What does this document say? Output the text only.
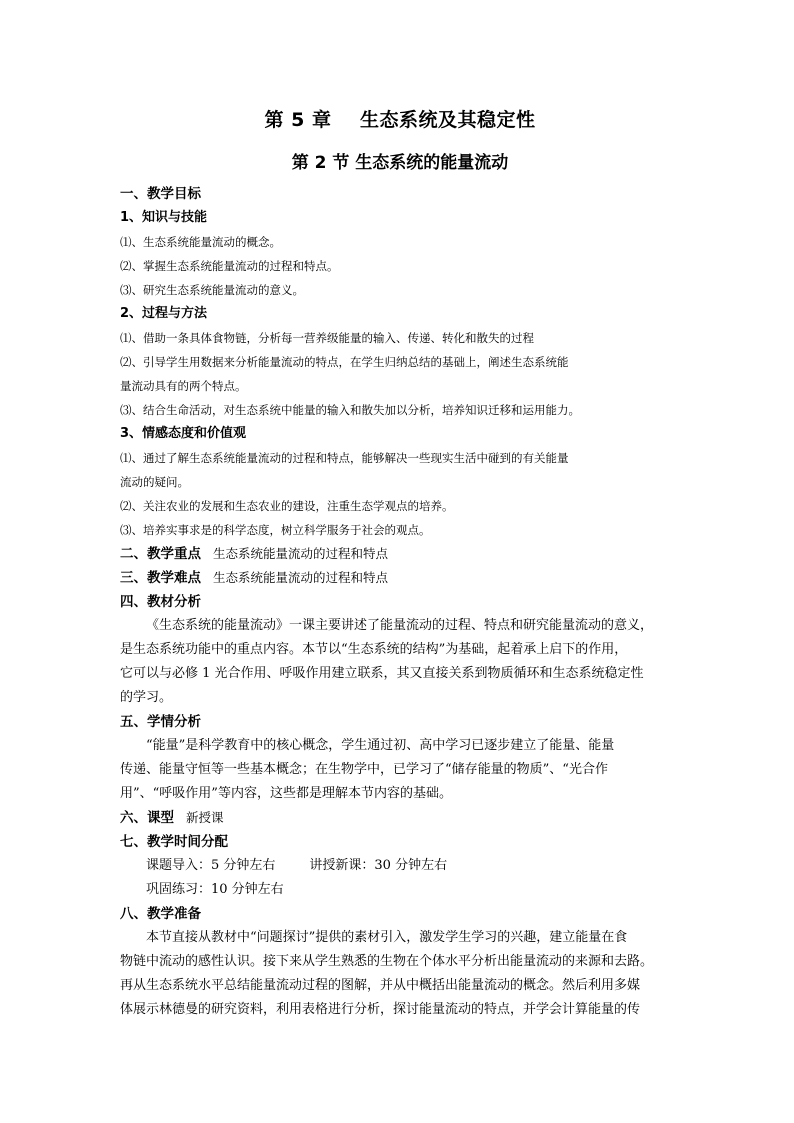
第 5 章    生态系统及其稳定性
第 2 节 生态系统的能量流动
一、教学目标
1、知识与技能
⑴、生态系统能量流动的概念。
⑵、掌握生态系统能量流动的过程和特点。
⑶、研究生态系统能量流动的意义。
2、过程与方法
⑴、借助一条具体食物链，分析每一营养级能量的输入、传递、转化和散失的过程
⑵、引导学生用数据来分析能量流动的特点，在学生归纳总结的基础上，阐述生态系统能
量流动具有的两个特点。
⑶、结合生命活动，对生态系统中能量的输入和散失加以分析，培养知识迁移和运用能力。
3、情感态度和价值观
⑴、通过了解生态系统能量流动的过程和特点，能够解决一些现实生活中碰到的有关能量
流动的疑问。
⑵、关注农业的发展和生态农业的建设，注重生态学观点的培养。
⑶、培养实事求是的科学态度，树立科学服务于社会的观点。
二、教学重点 生态系统能量流动的过程和特点
三、教学难点 生态系统能量流动的过程和特点
四、教材分析
《生态系统的能量流动》一课主要讲述了能量流动的过程、特点和研究能量流动的意义，
是生态系统功能中的重点内容。本节以“生态系统的结构”为基础，起着承上启下的作用，
它可以与必修 1 光合作用、呼吸作用建立联系，其又直接关系到物质循环和生态系统稳定性
的学习。
五、学情分析
“能量”是科学教育中的核心概念，学生通过初、高中学习已逐步建立了能量、能量
传递、能量守恒等一些基本概念；在生物学中，已学习了“储存能量的物质”、“光合作
用”、“呼吸作用”等内容，这些都是理解本节内容的基础。
六、课型 新授课
七、教学时间分配
课题导入：5 分钟左右	讲授新课：30 分钟左右
巩固练习：10 分钟左右
八、教学准备
本节直接从教材中“问题探讨”提供的素材引入，激发学生学习的兴趣，建立能量在食
物链中流动的感性认识。接下来从学生熟悉的生物在个体水平分析出能量流动的来源和去路。
再从生态系统水平总结能量流动过程的图解，并从中概括出能量流动的概念。然后利用多媒
体展示林德曼的研究资料，利用表格进行分析，探讨能量流动的特点，并学会计算能量的传
